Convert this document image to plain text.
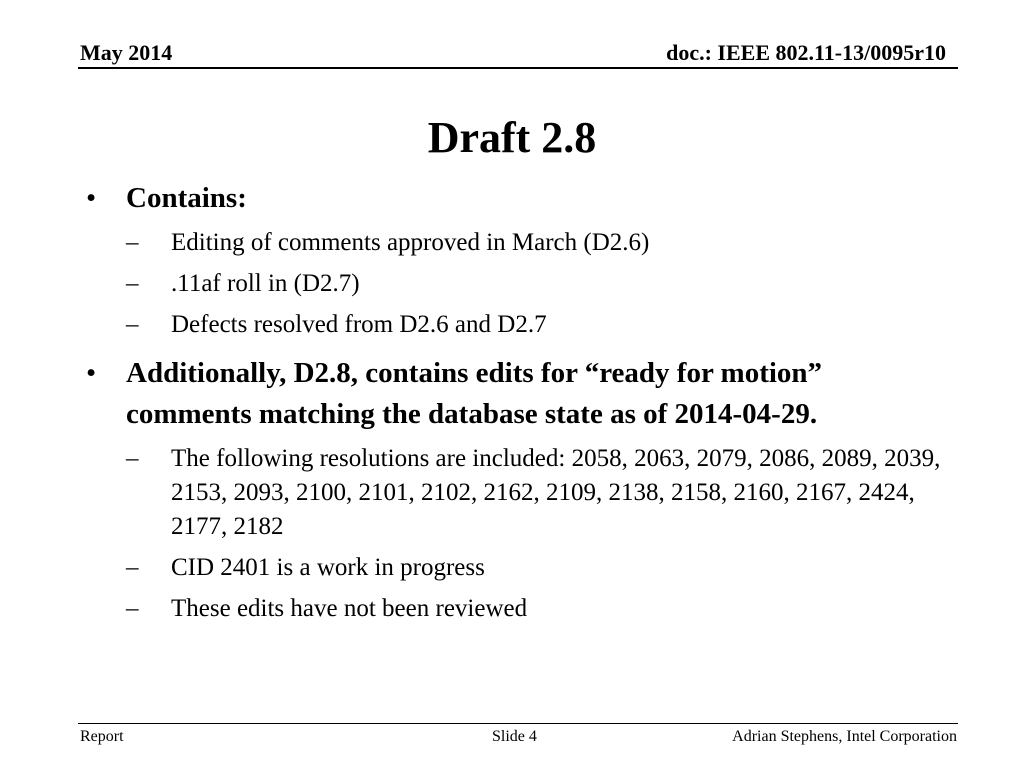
May 2014	doc.: IEEE 802.11-13/0095r10
Draft 2.8
•	Contains:
– Editing of comments approved in March (D2.6)
– .11af roll in (D2.7)
– Defects resolved from D2.6 and D2.7
•	Additionally, D2.8, contains edits for “ready for motion” comments matching the database state as of 2014-04-29.
– The following resolutions are included: 2058, 2063, 2079, 2086, 2089, 2039, 2153, 2093, 2100, 2101, 2102, 2162, 2109, 2138, 2158, 2160, 2167, 2424, 2177, 2182
– CID 2401 is a work in progress
– These edits have not been reviewed
Report	Slide 4	Adrian Stephens, Intel Corporation
